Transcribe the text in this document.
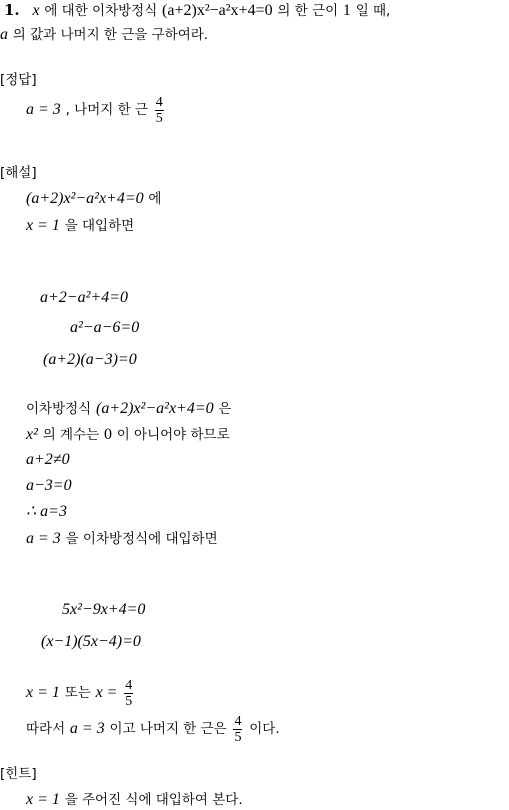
1. x 에 대한 이차방정식 (a+2)x²−a²x+4=0 의 한 근이 1 일 때,
a 의 값과 나머지 한 근을 구하여라.
[정답]
a = 3 , 나머지 한 근 $\frac{4}{5}$
[해설]
(a+2)x²−a²x+4=0 에
x = 1 을 대입하면
a+2−a²+4=0
a²−a−6=0
(a+2)(a−3)=0
이차방정식 (a+2)x²−a²x+4=0 은
x² 의 계수는 0 이 아니어야 하므로
a+2≠0
a−3=0
∴ a=3
a = 3 을 이차방정식에 대입하면
5x²−9x+4=0
(x−1)(5x−4)=0
x = 1 또는 $x = \frac{4}{5}$
따라서 a = 3 이고 나머지 한 근은 $\frac{4}{5}$ 이다.
[힌트]
x = 1 을 주어진 식에 대입하여 본다.
